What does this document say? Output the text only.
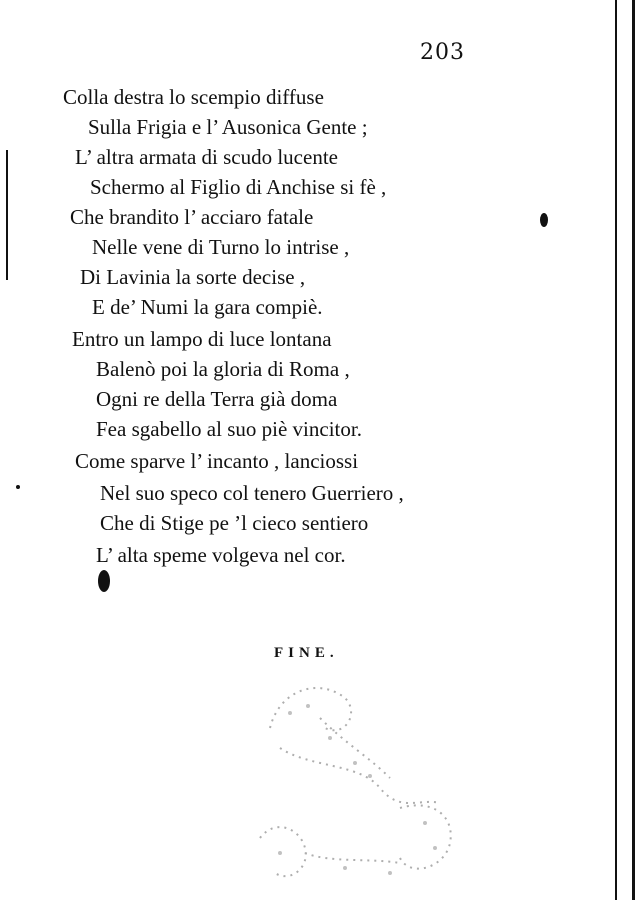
203
Colla destra lo scempio diffuse
Sulla Frigia e l’ Ausonica Gente ;
L’ altra armata di scudo lucente
Schermo al Figlio di Anchise si fè ,
Che brandito l’ acciaro fatale
Nelle vene di Turno lo intrise ,
Di Lavinia la sorte decise ,
E de’ Numi la gara compiè.
Entro un lampo di luce lontana
Balenò poi la gloria di Roma ,
Ogni re della Terra già doma
Fea sgabello al suo piè vincitor.
Come sparve l’ incanto , lanciossi
Nel suo speco col tenero Guerriero ,
Che di Stige pe ’l cieco sentiero
L’ alta speme volgeva nel cor.
FINE.
